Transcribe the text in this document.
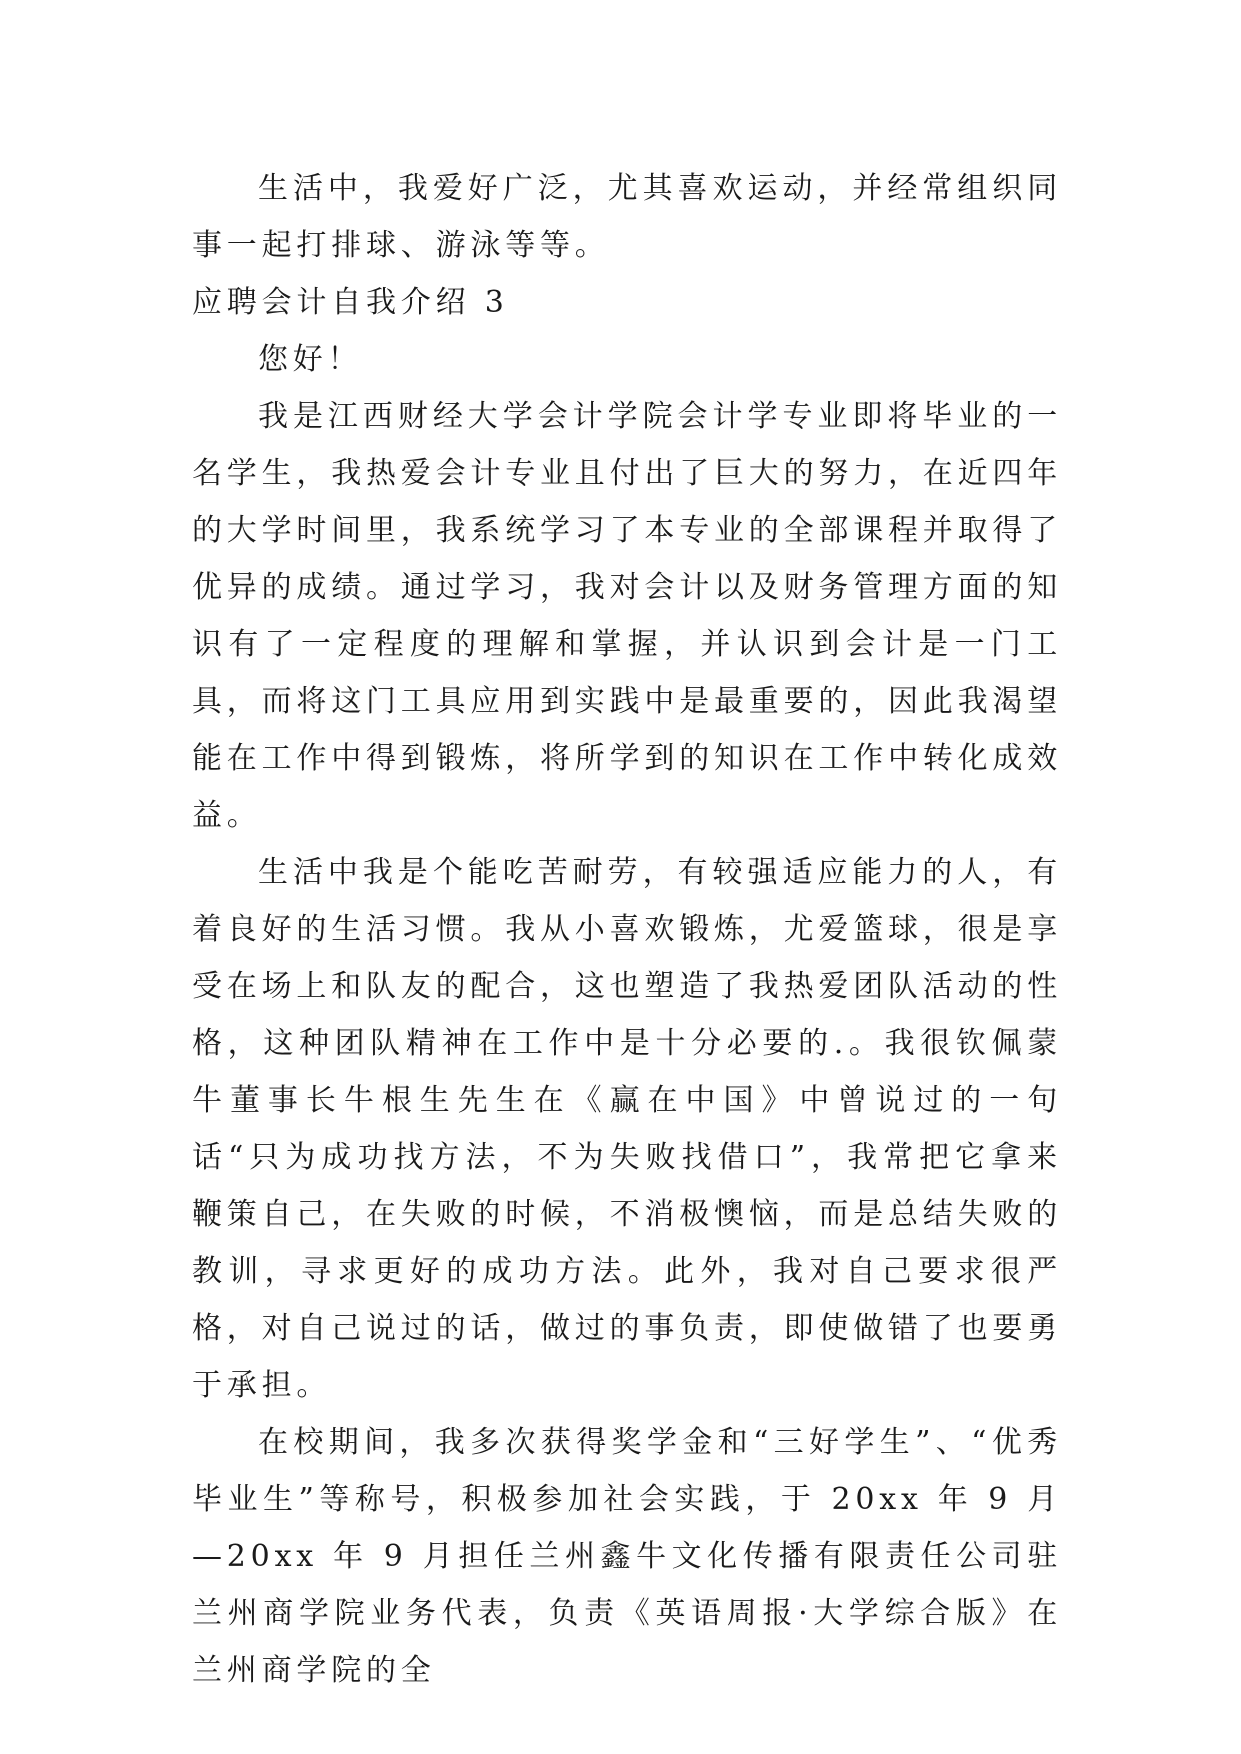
生活中，我爱好广泛，尤其喜欢运动，并经常组织同事一起打排球、游泳等等。

应聘会计自我介绍 3

您好！

我是江西财经大学会计学院会计学专业即将毕业的一名学生，我热爱会计专业且付出了巨大的努力，在近四年的大学时间里，我系统学习了本专业的全部课程并取得了优异的成绩。通过学习，我对会计以及财务管理方面的知识有了一定程度的理解和掌握，并认识到会计是一门工具，而将这门工具应用到实践中是最重要的，因此我渴望能在工作中得到锻炼，将所学到的知识在工作中转化成效益。

生活中我是个能吃苦耐劳，有较强适应能力的人，有着良好的生活习惯。我从小喜欢锻炼，尤爱篮球，很是享受在场上和队友的配合，这也塑造了我热爱团队活动的性格，这种团队精神在工作中是十分必要的.。我很钦佩蒙牛董事长牛根生先生在《赢在中国》中曾说过的一句话“只为成功找方法，不为失败找借口”，我常把它拿来鞭策自己，在失败的时候，不消极懊恼，而是总结失败的教训，寻求更好的成功方法。此外，我对自己要求很严格，对自己说过的话，做过的事负责，即使做错了也要勇于承担。

在校期间，我多次获得奖学金和“三好学生”、“优秀毕业生”等称号，积极参加社会实践，于 20xx 年 9 月—20xx 年 9 月担任兰州鑫牛文化传播有限责任公司驻兰州商学院业务代表，负责《英语周报·大学综合版》在兰州商学院的全
